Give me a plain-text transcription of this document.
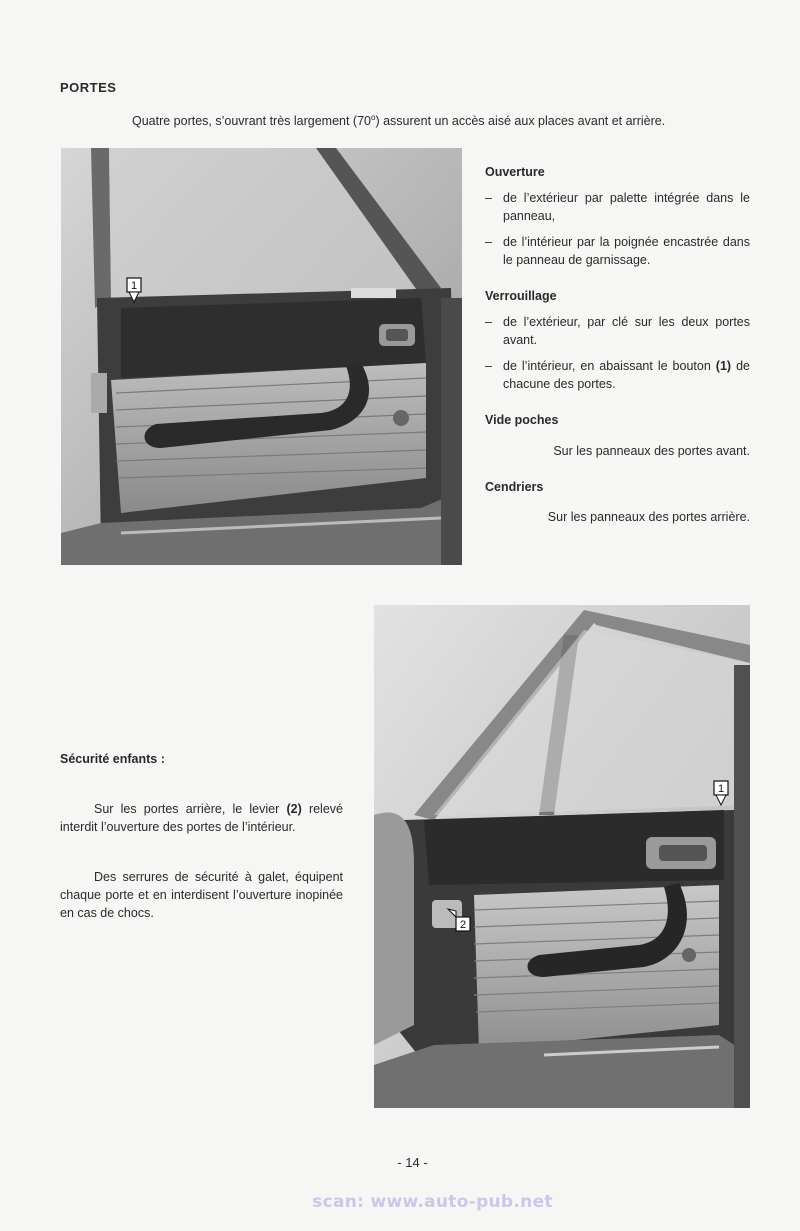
PORTES
Quatre portes, s’ouvrant très largement (70$^o$) assurent un accès aisé aux places avant et arrière.
1

Ouverture

– de l’extérieur par palette intégrée dans le panneau,
– de l’intérieur par la poignée encastrée dans le panneau de garnissage.

Verrouillage

– de l’extérieur, par clé sur les deux portes avant.
– de l’intérieur, en abaissant le bouton (1) de chacune des portes.

Vide poches

Sur les panneaux des portes avant.

Cendriers

Sur les panneaux des portes arrière.

1
2

Sécurité enfants :

Sur les portes arrière, le levier (2) relevé interdit l’ouverture des portes de l’intérieur.

Des serrures de sécurité à galet, équipent chaque porte et en interdisent l’ouverture inopinée en cas de chocs.

- 14 -
scan: www.auto-pub.net
